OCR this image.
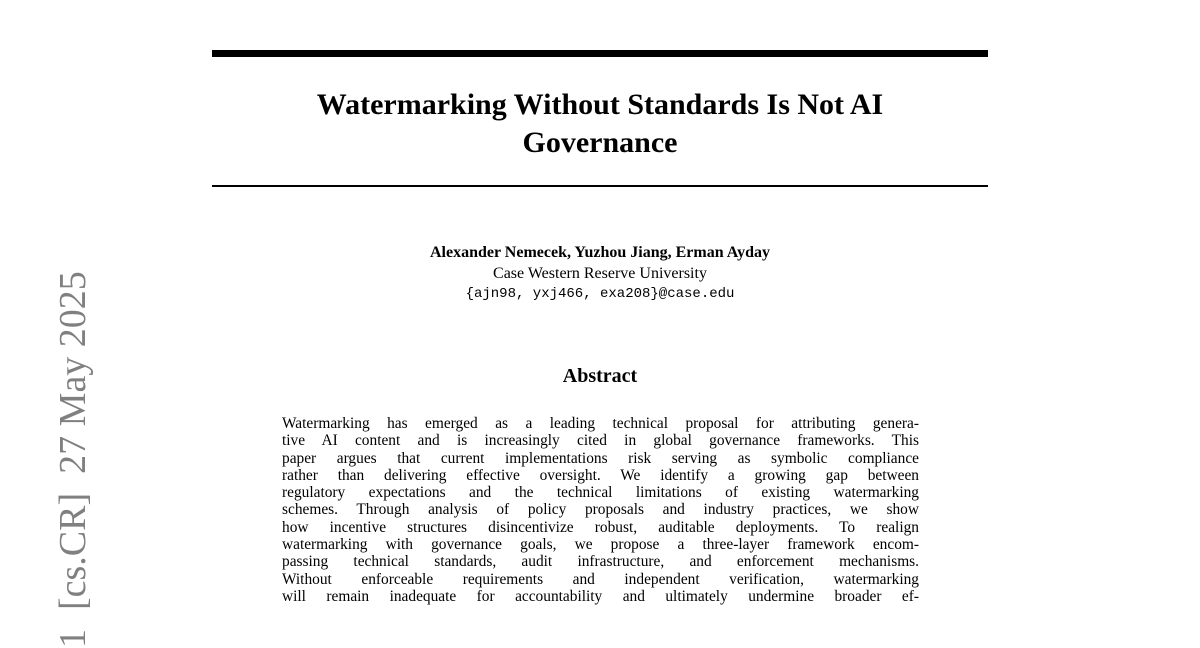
1  [cs.CR]  27 May 2025
Watermarking Without Standards Is Not AI
Governance
Alexander Nemecek, Yuzhou Jiang, Erman Ayday
Case Western Reserve University
{ajn98, yxj466, exa208}@case.edu
Abstract
Watermarking has emerged as a leading technical proposal for attributing genera-
tive AI content and is increasingly cited in global governance frameworks. This
paper argues that current implementations risk serving as symbolic compliance
rather than delivering effective oversight. We identify a growing gap between
regulatory expectations and the technical limitations of existing watermarking
schemes. Through analysis of policy proposals and industry practices, we show
how incentive structures disincentivize robust, auditable deployments. To realign
watermarking with governance goals, we propose a three-layer framework encom-
passing technical standards, audit infrastructure, and enforcement mechanisms.
Without enforceable requirements and independent verification, watermarking
will remain inadequate for accountability and ultimately undermine broader ef-
